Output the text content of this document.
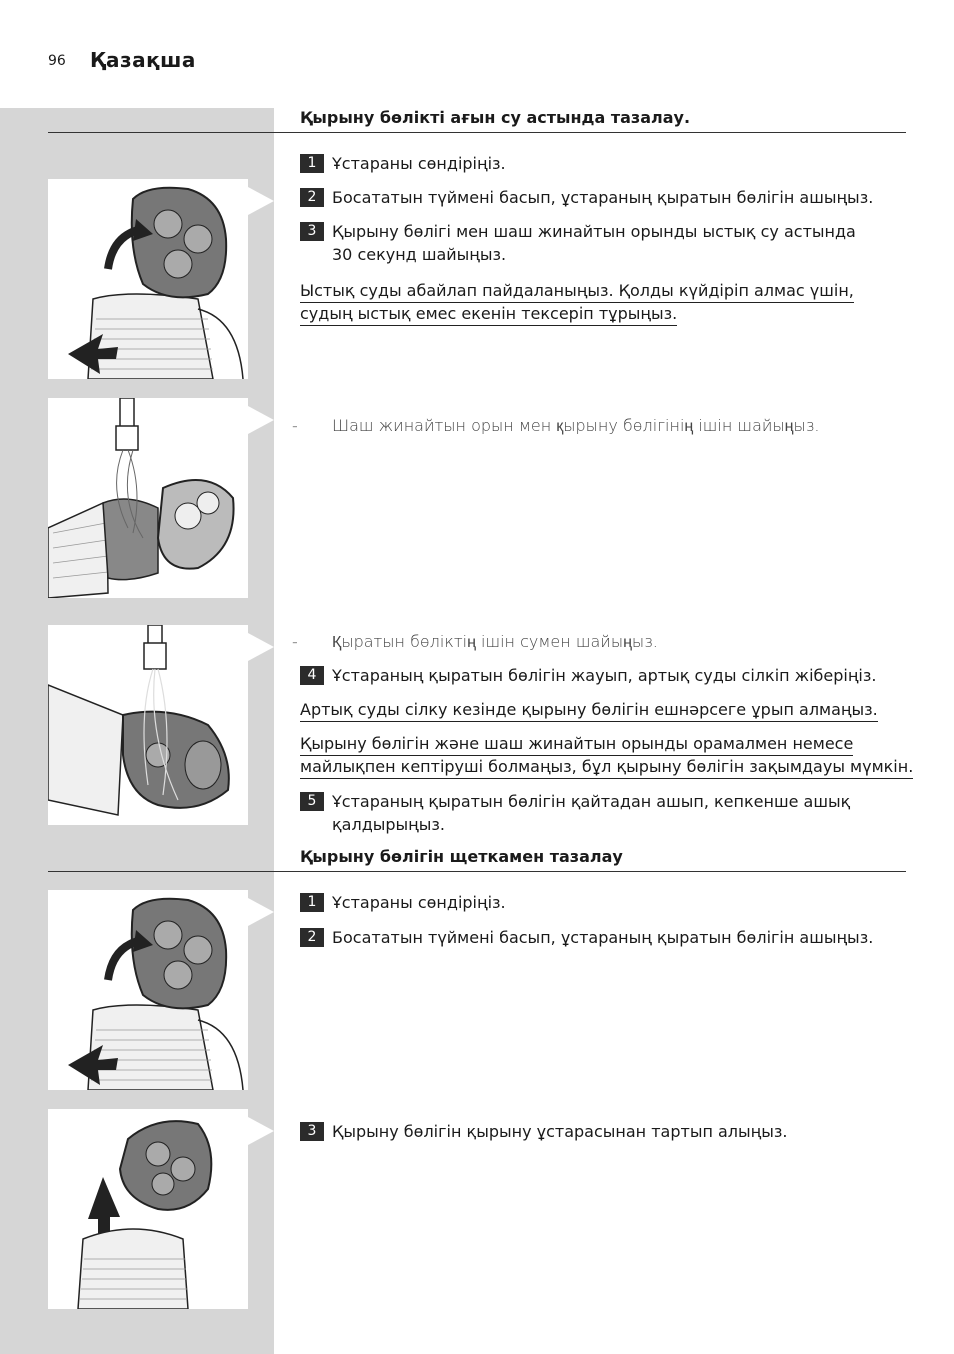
96 Қазақша
Қырыну бөлікті ағын су астында тазалау.
1 Ұстараны сөндіріңіз.
2 Босататын түймені басып, ұстараның қыратын бөлігін ашыңыз.
3 Қырыну бөлігі мен шаш жинайтын орынды ыстық су астында 30 секунд шайыңыз.
Ыстық суды абайлап пайдаланыңыз. Қолды күйдіріп алмас үшін,
судың ыстық емес екенін тексеріп тұрыңыз.
- Шаш жинайтын орын мен қырыну бөлігінің ішін шайыңыз.
- Қыратын бөліктің ішін сумен шайыңыз.
4 Ұстараның қыратын бөлігін жауып, артық суды сілкіп жіберіңіз.
Артық суды сілку кезінде қырыну бөлігін ешнәрсеге ұрып алмаңыз.
Қырыну бөлігін және шаш жинайтын орынды орамалмен немесе
майлықпен кептіруші болмаңыз, бұл қырыну бөлігін зақымдауы мүмкін.
5 Ұстараның қыратын бөлігін қайтадан ашып, кепкенше ашық қалдырыңыз.
Қырыну бөлігін щеткамен тазалау
1 Ұстараны сөндіріңіз.
2 Босататын түймені басып, ұстараның қыратын бөлігін ашыңыз.
3 Қырыну бөлігін қырыну ұстарасынан тартып алыңыз.
